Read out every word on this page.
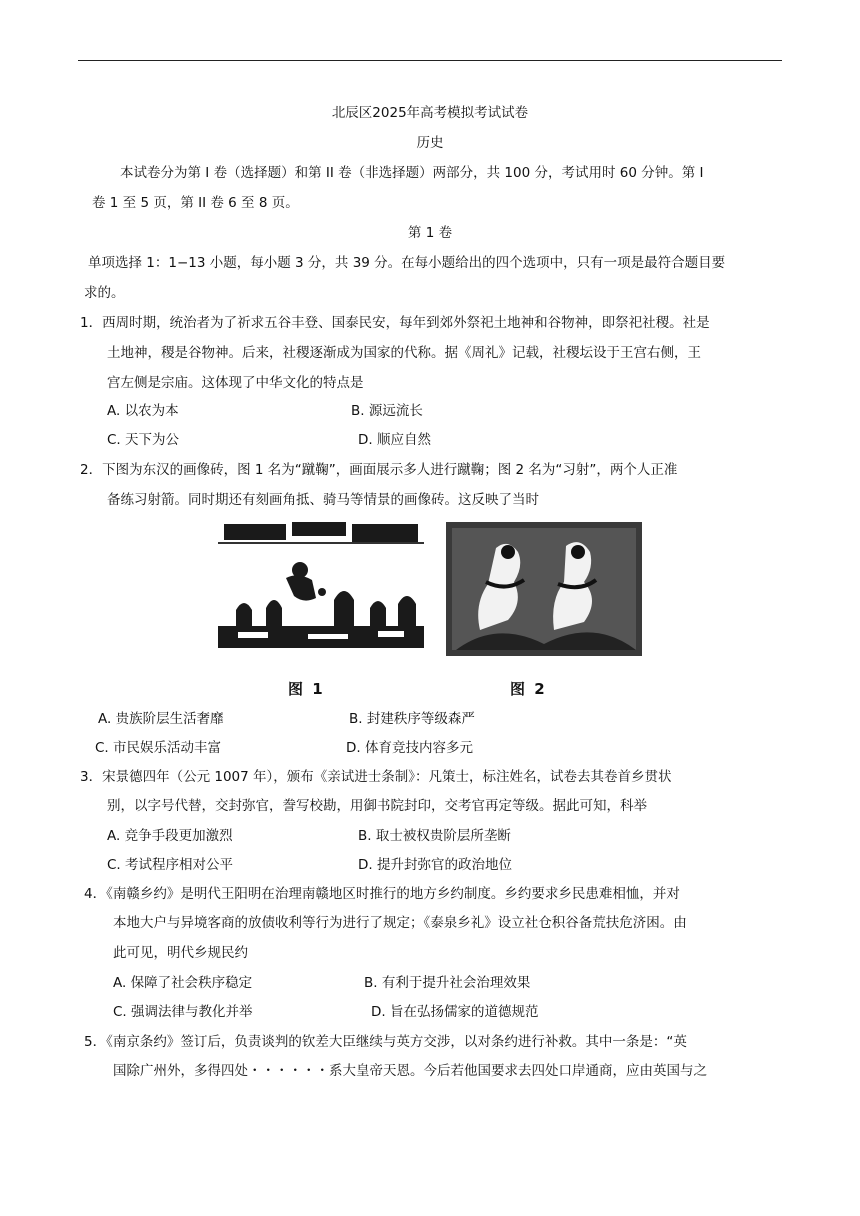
北辰区2025年高考模拟考试试卷
历史
本试卷分为第 I 卷（选择题）和第 II 卷（非选择题）两部分，共 100 分，考试用时 60 分钟。第 I
卷 1 至 5 页，第 II 卷 6 至 8 页。
第 1 卷
单项选择 1：1−13 小题，每小题 3 分，共 39 分。在每小题给出的四个选项中，只有一项是最符合题目要
求的。
1．西周时期，统治者为了祈求五谷丰登、国泰民安，每年到郊外祭祀土地神和谷物神，即祭祀社稷。社是
土地神，稷是谷物神。后来，社稷逐渐成为国家的代称。据《周礼》记载，社稷坛设于王宫右侧，王
宫左侧是宗庙。这体现了中华文化的特点是
A. 以农为本	B. 源远流长
C. 天下为公	D. 顺应自然
2．下图为东汉的画像砖，图 1 名为“蹴鞠”，画面展示多人进行蹴鞠；图 2 名为“习射”，两个人正准
备练习射箭。同时期还有刻画角抵、骑马等情景的画像砖。这反映了当时
图 1	图 2
A. 贵族阶层生活奢靡	B. 封建秩序等级森严
C. 市民娱乐活动丰富	D. 体育竞技内容多元
3．宋景德四年（公元 1007 年），颁布《亲试进士条制》：凡策士，标注姓名，试卷去其卷首乡贯状
别，以字号代替，交封弥官，誊写校勘，用御书院封印，交考官再定等级。据此可知，科举
A. 竞争手段更加激烈	B. 取士被权贵阶层所垄断
C. 考试程序相对公平	D. 提升封弥官的政治地位
4．《南赣乡约》是明代王阳明在治理南赣地区时推行的地方乡约制度。乡约要求乡民患难相恤，并对
本地大户与异境客商的放债收利等行为进行了规定；《泰泉乡礼》设立社仓积谷备荒扶危济困。由
此可见，明代乡规民约
A. 保障了社会秩序稳定	B. 有利于提升社会治理效果
C. 强调法律与教化并举	D. 旨在弘扬儒家的道德规范
5．《南京条约》签订后，负责谈判的钦差大臣继续与英方交涉，以对条约进行补救。其中一条是：“英
国除广州外，多得四处・・・・・・系大皇帝天恩。今后若他国要求去四处口岸通商，应由英国与之
